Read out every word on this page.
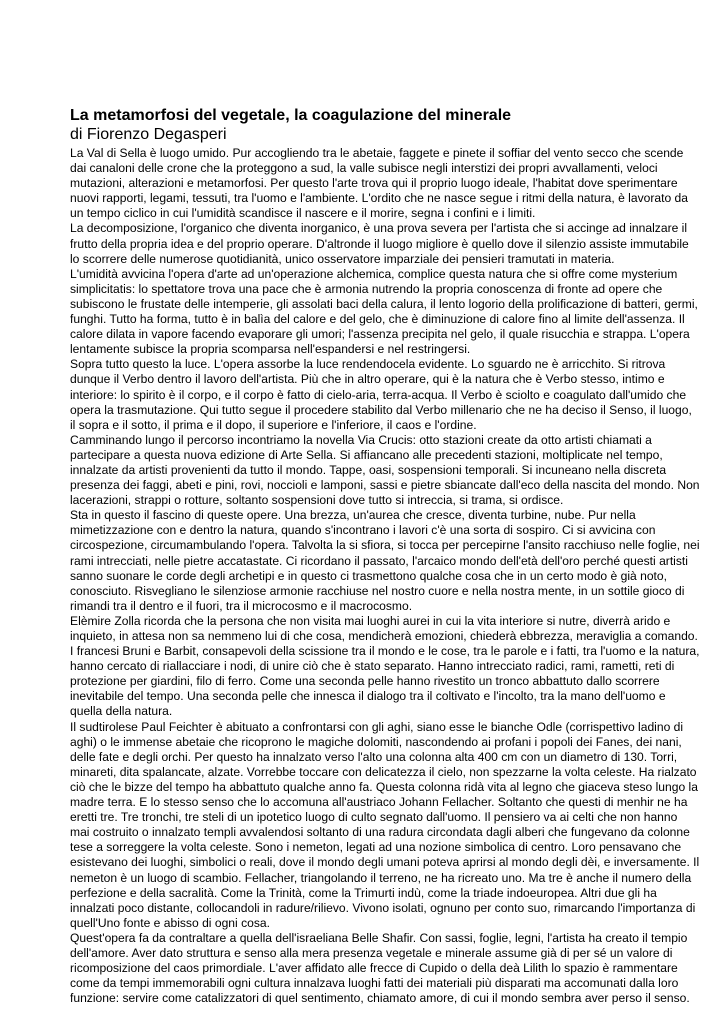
La metamorfosi del vegetale, la coagulazione del minerale
di Fiorenzo Degasperi

La Val di Sella è luogo umido. Pur accogliendo tra le abetaie, faggete e pinete il soffiar del vento secco che scende dai canaloni delle crone che la proteggono a sud, la valle subisce negli interstizi dei propri avvallamenti, veloci mutazioni, alterazioni e metamorfosi. Per questo l'arte trova qui il proprio luogo ideale, l'habitat dove sperimentare nuovi rapporti, legami, tessuti, tra l'uomo e l'ambiente. L'ordito che ne nasce segue i ritmi della natura, è lavorato da un tempo ciclico in cui l'umidità scandisce il nascere e il morire, segna i confini e i limiti.

La decomposizione, l'organico che diventa inorganico, è una prova severa per l'artista che si accinge ad innalzare il frutto della propria idea e del proprio operare. D'altronde il luogo migliore è quello dove il silenzio assiste immutabile lo scorrere delle numerose quotidianità, unico osservatore imparziale dei pensieri tramutati in materia.

L'umidità avvicina l'opera d'arte ad un'operazione alchemica, complice questa natura che si offre come mysterium simplicitatis: lo spettatore trova una pace che è armonia nutrendo la propria conoscenza di fronte ad opere che subiscono le frustate delle intemperie, gli assolati baci della calura, il lento logorio della prolificazione di batteri, germi, funghi. Tutto ha forma, tutto è in balìa del calore e del gelo, che è diminuzione di calore fino al limite dell'assenza. Il calore dilata in vapore facendo evaporare gli umori; l'assenza precipita nel gelo, il quale risucchia e strappa. L'opera lentamente subisce la propria scomparsa nell'espandersi e nel restringersi.

Sopra tutto questo la luce. L'opera assorbe la luce rendendocela evidente. Lo sguardo ne è arricchito. Si ritrova dunque il Verbo dentro il lavoro dell'artista. Più che in altro operare, qui è la natura che è Verbo stesso, intimo e interiore: lo spirito è il corpo, e il corpo è fatto di cielo-aria, terra-acqua. Il Verbo è sciolto e coagulato dall'umido che opera la trasmutazione. Qui tutto segue il procedere stabilito dal Verbo millenario che ne ha deciso il Senso, il luogo, il sopra e il sotto, il prima e il dopo, il superiore e l'inferiore, il caos e l'ordine.

Camminando lungo il percorso incontriamo la novella Via Crucis: otto stazioni create da otto artisti chiamati a partecipare a questa nuova edizione di Arte Sella. Si affiancano alle precedenti stazioni, moltiplicate nel tempo, innalzate da artisti provenienti da tutto il mondo. Tappe, oasi, sospensioni temporali. Si incuneano nella discreta presenza dei faggi, abeti e pini, rovi, noccioli e lamponi, sassi e pietre sbiancate dall'eco della nascita del mondo. Non lacerazioni, strappi o rotture, soltanto sospensioni dove tutto si intreccia, si trama, si ordisce.

Sta in questo il fascino di queste opere. Una brezza, un'aurea che cresce, diventa turbine, nube. Pur nella mimetizzazione con e dentro la natura, quando s'incontrano i lavori c'è una sorta di sospiro. Ci si avvicina con circospezione, circumambulando l'opera. Talvolta la si sfiora, si tocca per percepirne l'ansito racchiuso nelle foglie, nei rami intrecciati, nelle pietre accatastate. Ci ricordano il passato, l'arcaico mondo dell'età dell'oro perché questi artisti sanno suonare le corde degli archetipi e in questo ci trasmettono qualche cosa che in un certo modo è già noto, conosciuto. Risvegliano le silenziose armonie racchiuse nel nostro cuore e nella nostra mente, in un sottile gioco di rimandi tra il dentro e il fuori, tra il microcosmo e il macrocosmo.

Elèmire Zolla ricorda che la persona che non visita mai luoghi aurei in cui la vita interiore si nutre, diverrà arido e inquieto, in attesa non sa nemmeno lui di che cosa, mendicherà emozioni, chiederà ebbrezza, meraviglia a comando. I francesi Bruni e Barbit, consapevoli della scissione tra il mondo e le cose, tra le parole e i fatti, tra l'uomo e la natura, hanno cercato di riallacciare i nodi, di unire ciò che è stato separato. Hanno intrecciato radici, rami, rametti, reti di protezione per giardini, filo di ferro. Come una seconda pelle hanno rivestito un tronco abbattuto dallo scorrere inevitabile del tempo. Una seconda pelle che innesca il dialogo tra il coltivato e l'incolto, tra la mano dell'uomo e quella della natura.

Il sudtirolese Paul Feichter è abituato a confrontarsi con gli aghi, siano esse le bianche Odle (corrispettivo ladino di aghi) o le immense abetaie che ricoprono le magiche dolomiti, nascondendo ai profani i popoli dei Fanes, dei nani, delle fate e degli orchi. Per questo ha innalzato verso l'alto una colonna alta 400 cm con un diametro di 130. Torri, minareti, dita spalancate, alzate. Vorrebbe toccare con delicatezza il cielo, non spezzarne la volta celeste. Ha rialzato ciò che le bizze del tempo ha abbattuto qualche anno fa. Questa colonna ridà vita al legno che giaceva steso lungo la madre terra. E lo stesso senso che lo accomuna all'austriaco Johann Fellacher. Soltanto che questi di menhir ne ha eretti tre. Tre tronchi, tre steli di un ipotetico luogo di culto segnato dall'uomo. Il pensiero va ai celti che non hanno mai costruito o innalzato templi avvalendosi soltanto di una radura circondata dagli alberi che fungevano da colonne tese a sorreggere la volta celeste. Sono i nemeton, legati ad una nozione simbolica di centro. Loro pensavano che esistevano dei luoghi, simbolici o reali, dove il mondo degli umani poteva aprirsi al mondo degli dèi, e inversamente. Il nemeton è un luogo di scambio. Fellacher, triangolando il terreno, ne ha ricreato uno. Ma tre è anche il numero della perfezione e della sacralità. Come la Trinità, come la Trimurti indù, come la triade indoeuropea. Altri due gli ha innalzati poco distante, collocandoli in radure/rilievo. Vivono isolati, ognuno per conto suo, rimarcando l'importanza di quell'Uno fonte e abisso di ogni cosa.

Quest'opera fa da contraltare a quella dell'israeliana Belle Shafir. Con sassi, foglie, legni, l'artista ha creato il tempio dell'amore. Aver dato struttura e senso alla mera presenza vegetale e minerale assume già di per sé un valore di ricomposizione del caos primordiale. L'aver affidato alle frecce di Cupido o della deà Lilith lo spazio è rammentare come da tempi immemorabili ogni cultura innalzava luoghi fatti dei materiali più disparati ma accomunati dalla loro funzione: servire come catalizzatori di quel sentimento, chiamato amore, di cui il mondo sembra aver perso il senso.
